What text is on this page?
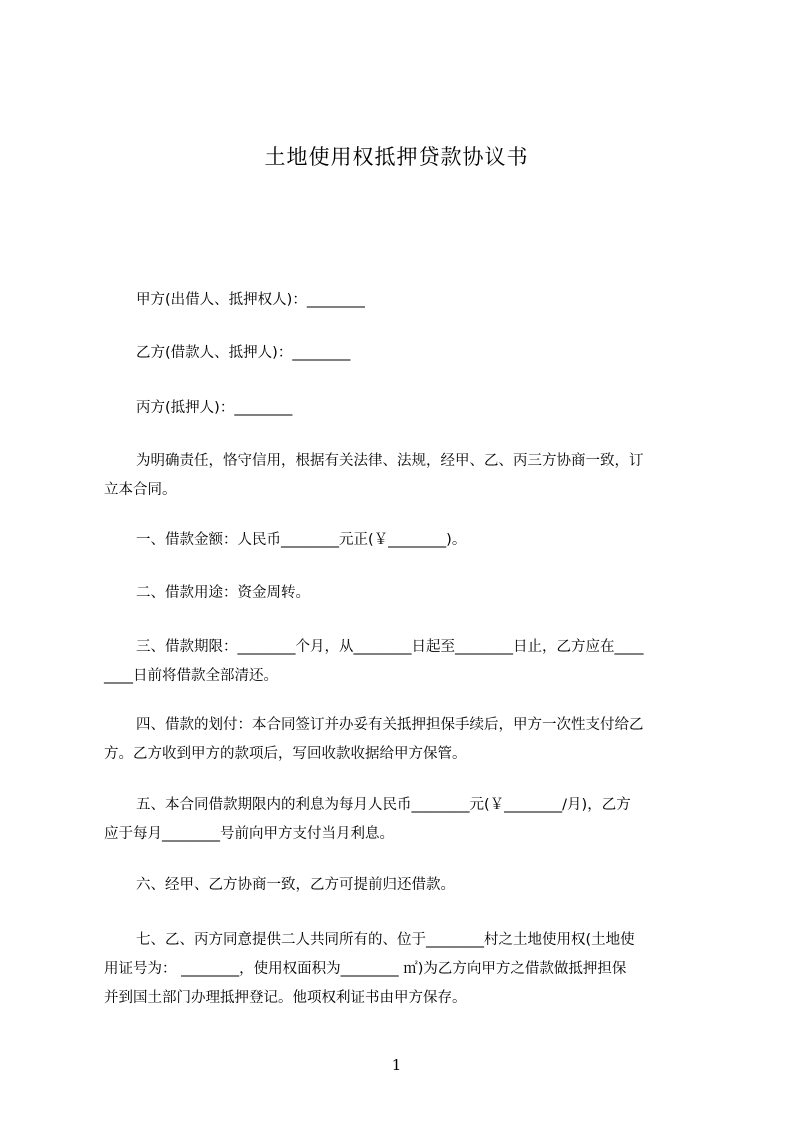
土地使用权抵押贷款协议书

甲方(出借人、抵押权人)：________

乙方(借款人、抵押人)：________

丙方(抵押人)：________

为明确责任，恪守信用，根据有关法律、法规，经甲、乙、丙三方协商一致，订
立本合同。

一、借款金额：人民币________元正(￥________)。

二、借款用途：资金周转。

三、借款期限：________个月，从________日起至________日止，乙方应在____
____日前将借款全部清还。
四、借款的划付：本合同签订并办妥有关抵押担保手续后，甲方一次性支付给乙
方。乙方收到甲方的款项后，写回收款收据给甲方保管。
五、本合同借款期限内的利息为每月人民币________元(￥________/月)，乙方
应于每月________号前向甲方支付当月利息。

六、经甲、乙方协商一致，乙方可提前归还借款。

七、乙、丙方同意提供二人共同所有的、位于________村之土地使用权(土地使
用证号为： ________，使用权面积为________ ㎡)为乙方向甲方之借款做抵押担保
并到国土部门办理抵押登记。他项权利证书由甲方保存。
1
